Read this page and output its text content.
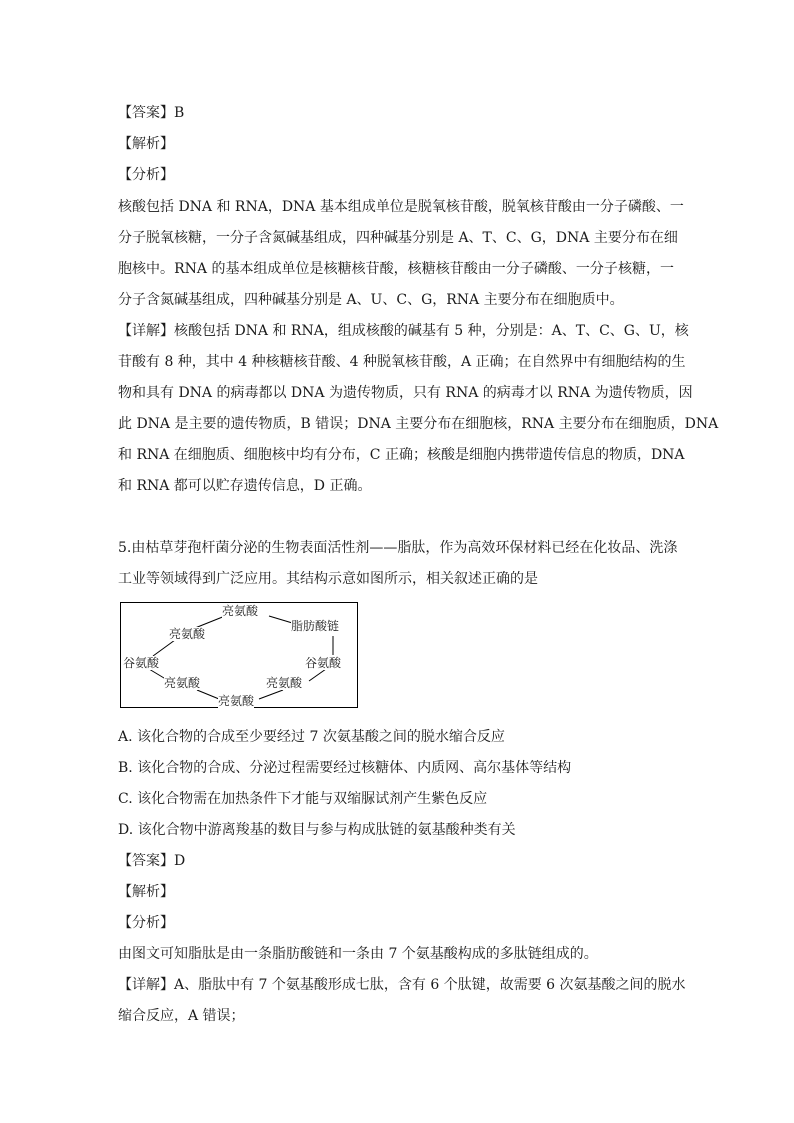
【答案】B
【解析】
【分析】
核酸包括 DNA 和 RNA，DNA 基本组成单位是脱氧核苷酸，脱氧核苷酸由一分子磷酸、一
分子脱氧核糖，一分子含氮碱基组成，四种碱基分别是 A、T、C、G，DNA 主要分布在细
胞核中。RNA 的基本组成单位是核糖核苷酸，核糖核苷酸由一分子磷酸、一分子核糖，一
分子含氮碱基组成，四种碱基分别是 A、U、C、G，RNA 主要分布在细胞质中。
【详解】核酸包括 DNA 和 RNA，组成核酸的碱基有 5 种，分别是：A、T、C、G、U，核
苷酸有 8 种，其中 4 种核糖核苷酸、4 种脱氧核苷酸，A 正确；在自然界中有细胞结构的生
物和具有 DNA 的病毒都以 DNA 为遗传物质，只有 RNA 的病毒才以 RNA 为遗传物质，因
此 DNA 是主要的遗传物质，B 错误；DNA 主要分布在细胞核，RNA 主要分布在细胞质，DNA
和 RNA 在细胞质、细胞核中均有分布，C 正确；核酸是细胞内携带遗传信息的物质，DNA
和 RNA 都可以贮存遗传信息，D 正确。
5.由枯草芽孢杆菌分泌的生物表面活性剂——脂肽，作为高效环保材料已经在化妆品、洗涤
工业等领域得到广泛应用。其结构示意如图所示，相关叙述正确的是
亮氨酸
亮氨酸
脂肪酸链
谷氨酸	谷氨酸
亮氨酸	亮氨酸
亮氨酸
A. 该化合物的合成至少要经过 7 次氨基酸之间的脱水缩合反应
B. 该化合物的合成、分泌过程需要经过核糖体、内质网、高尔基体等结构
C. 该化合物需在加热条件下才能与双缩脲试剂产生紫色反应
D. 该化合物中游离羧基的数目与参与构成肽链的氨基酸种类有关
【答案】D
【解析】
【分析】
由图文可知脂肽是由一条脂肪酸链和一条由 7 个氨基酸构成的多肽链组成的。
【详解】A、脂肽中有 7 个氨基酸形成七肽，含有 6 个肽键，故需要 6 次氨基酸之间的脱水
缩合反应，A 错误；
